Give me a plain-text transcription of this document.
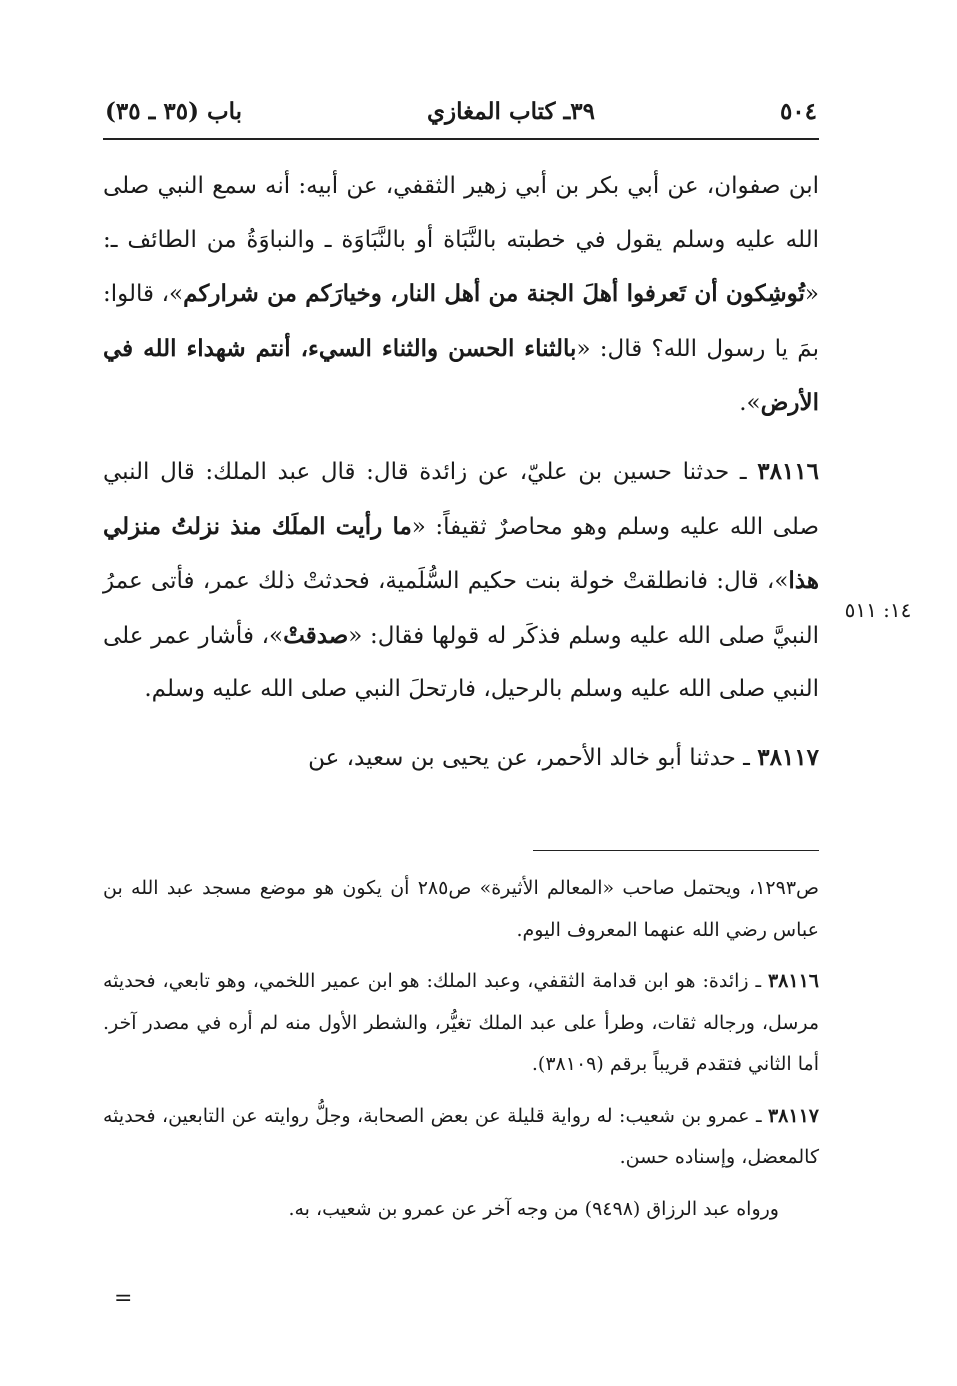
٥٠٤
٣٩ـ كتاب المغازي
باب (٣٥ ـ ٣٥)

ابن صفوان، عن أبي بكر بن أبي زهير الثقفي، عن أبيه: أنه سمع النبي صلى الله عليه وسلم يقول في خطبته بالنَّبَاة أو بالنَّبَاوَة ـ والنباوَةُ من الطائف ـ: «تُوشِكون أن تَعرفوا أهلَ الجنة من أهل النار، وخيارَكم من شراركم»، قالوا: بمَ يا رسول الله؟ قال: «بالثناء الحسن والثناء السيء، أنتم شهداء الله في الأرض».

٣٨١١٦ ـ حدثنا حسين بن عليّ، عن زائدة قال: قال عبد الملك: قال النبي صلى الله عليه وسلم وهو محاصرٌ ثقيفاً: «ما رأيت الملَك منذ نزلتُ منزلي هذا»، قال: فانطلقتْ خولة بنت حكيم السُّلَمية، فحدثتْ ذلك عمر، فأتى عمرُ النبيَّ صلى الله عليه وسلم فذكَر له قولها فقال: «صدقتْ»، فأشار عمر على النبي صلى الله عليه وسلم بالرحيل، فارتحلَ النبي صلى الله عليه وسلم.

٣٨١١٧ ـ حدثنا أبو خالد الأحمر، عن يحيى بن سعيد، عن

١٤: ٥١١

ص١٢٩٣، ويحتمل صاحب «المعالم الأثيرة» ص٢٨٥ أن يكون هو موضع مسجد عبد الله بن عباس رضي الله عنهما المعروف اليوم.

٣٨١١٦ ـ زائدة: هو ابن قدامة الثقفي، وعبد الملك: هو ابن عمير اللخمي، وهو تابعي، فحديثه مرسل، ورجاله ثقات، وطرأ على عبد الملك تغيُّر، والشطر الأول منه لم أره في مصدر آخر. أما الثاني فتقدم قريباً برقم (٣٨١٠٩).

٣٨١١٧ ـ عمرو بن شعيب: له رواية قليلة عن بعض الصحابة، وجلُّ روايته عن التابعين، فحديثه كالمعضل، وإسناده حسن.

ورواه عبد الرزاق (٩٤٩٨) من وجه آخر عن عمرو بن شعيب، به.

=
